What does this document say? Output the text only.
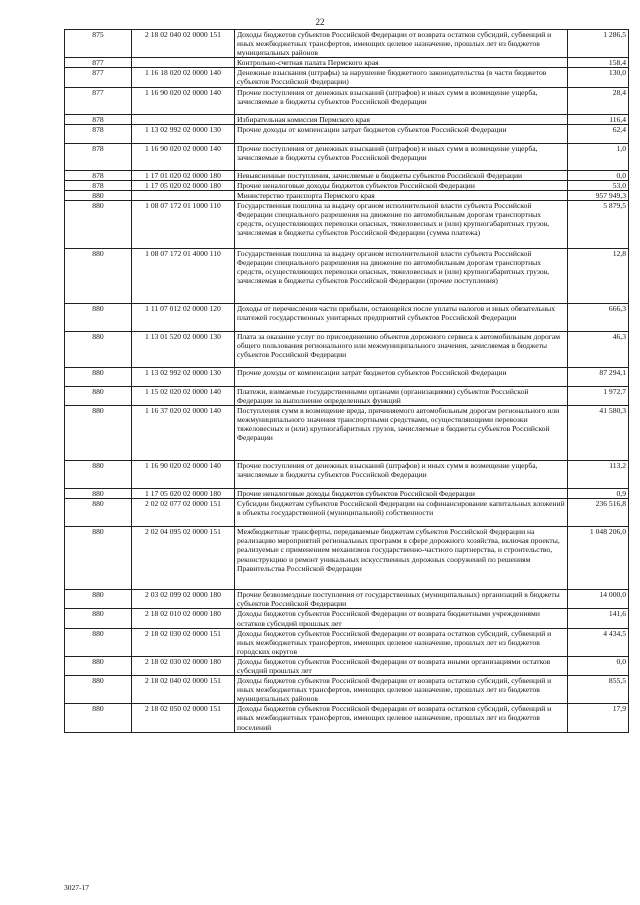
22
875	2 18 02 040 02 0000 151	Доходы бюджетов субъектов Российской Федерации от возврата остатков субсидий, субвенций и иных межбюджетных трансфертов, имеющих целевое назначение, прошлых лет из бюджетов муниципальных районов	1 286,5
877		Контрольно-счетная палата Пермского края	158,4
877	1 16 18 020 02 0000 140	Денежные взыскания (штрафы) за нарушение бюджетного законодательства (в части бюджетов субъектов Российской Федерации)	130,0
877	1 16 90 020 02 0000 140	Прочие поступления от денежных взысканий (штрафов) и иных сумм в возмещение ущерба, зачисляемые в бюджеты субъектов Российской Федерации	28,4
878		Избирательная комиссия Пермского края	116,4
878	1 13 02 992 02 0000 130	Прочие доходы от компенсации затрат бюджетов субъектов Российской Федерации	62,4
878	1 16 90 020 02 0000 140	Прочие поступления от денежных взысканий (штрафов) и иных сумм в возмещение ущерба, зачисляемые в бюджеты субъектов Российской Федерации	1,0
878	1 17 01 020 02 0000 180	Невыясненные поступления, зачисляемые в бюджеты субъектов Российской Федерации	0,0
878	1 17 05 020 02 0000 180	Прочие неналоговые доходы бюджетов субъектов Российской Федерации	53,0
880		Министерство транспорта Пермского края	957 949,3
880	1 08 07 172 01 1000 110	Государственная пошлина за выдачу органом исполнительной власти субъекта Российской Федерации специального разрешения на движение по автомобильным дорогам транспортных средств, осуществляющих перевозки опасных, тяжеловесных и (или) крупногабаритных грузов, зачисляемая в бюджеты субъектов Российской Федерации (сумма платежа)	5 879,5
880	1 08 07 172 01 4000 110	Государственная пошлина за выдачу органом исполнительной власти субъекта Российской Федерации специального разрешения на движение по автомобильным дорогам транспортных средств, осуществляющих перевозки опасных, тяжеловесных и (или) крупногабаритных грузов, зачисляемая в бюджеты субъектов Российской Федерации (прочие поступления)	12,8
880	1 11 07 012 02 0000 120	Доходы от перечисления части прибыли, остающейся после уплаты налогов и иных обязательных платежей государственных унитарных предприятий субъектов Российской Федерации	666,3
880	1 13 01 520 02 0000 130	Плата за оказание услуг по присоединению объектов дорожного сервиса к автомобильным дорогам общего пользования регионального или межмуниципального значения, зачисляемая в бюджеты субъектов Российской Федерации	46,3
880	1 13 02 992 02 0000 130	Прочие доходы от компенсации затрат бюджетов субъектов Российской Федерации	87 294,1
880	1 15 02 020 02 0000 140	Платежи, взимаемые государственными органами (организациями) субъектов Российской Федерации за выполнение определенных функций	1 972,7
880	1 16 37 020 02 0000 140	Поступления сумм в возмещение вреда, причиняемого автомобильным дорогам регионального или межмуниципального значения транспортными средствами, осуществляющими перевозки тяжеловесных и (или) крупногабаритных грузов, зачисляемые в бюджеты субъектов Российской Федерации	41 580,3
880	1 16 90 020 02 0000 140	Прочие поступления от денежных взысканий (штрафов) и иных сумм в возмещение ущерба, зачисляемые в бюджеты субъектов Российской Федерации	113,2
880	1 17 05 020 02 0000 180	Прочие неналоговые доходы бюджетов субъектов Российской Федерации	0,9
880	2 02 02 077 02 0000 151	Субсидии бюджетам субъектов Российской Федерации на софинансирование капитальных вложений в объекты государственной (муниципальной) собственности	236 516,8
880	2 02 04 095 02 0000 151	Межбюджетные трансферты, передаваемые бюджетам субъектов Российской Федерации на реализацию мероприятий региональных программ в сфере дорожного хозяйства, включая проекты, реализуемые с применением механизмов государственно-частного партнерства, и строительство, реконструкцию и ремонт уникальных искусственных дорожных сооружений по решениям Правительства Российской Федерации	1 048 206,0
880	2 03 02 099 02 0000 180	Прочие безвозмездные поступления от государственных (муниципальных) организаций в бюджеты субъектов Российской Федерации	14 000,0
880	2 18 02 010 02 0000 180	Доходы бюджетов субъектов Российской Федерации от возврата бюджетными учреждениями остатков субсидий прошлых лет	141,6
880	2 18 02 030 02 0000 151	Доходы бюджетов субъектов Российской Федерации от возврата остатков субсидий, субвенций и иных межбюджетных трансфертов, имеющих целевое назначение, прошлых лет из бюджетов городских округов	4 434,5
880	2 18 02 030 02 0000 180	Доходы бюджетов субъектов Российской Федерации от возврата иными организациями остатков субсидий прошлых лет	0,0
880	2 18 02 040 02 0000 151	Доходы бюджетов субъектов Российской Федерации от возврата остатков субсидий, субвенций и иных межбюджетных трансфертов, имеющих целевое назначение, прошлых лет из бюджетов муниципальных районов	855,5
880	2 18 02 050 02 0000 151	Доходы бюджетов субъектов Российской Федерации от возврата остатков субсидий, субвенций и иных межбюджетных трансфертов, имеющих целевое назначение, прошлых лет из бюджетов поселений	17,9
3027-17
